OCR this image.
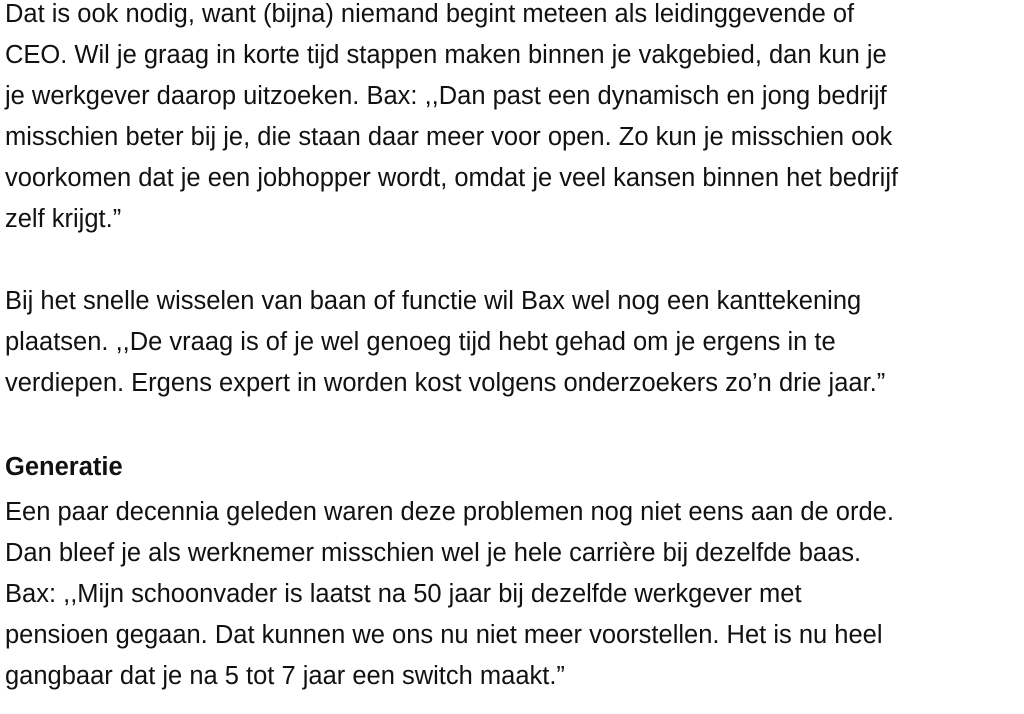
Dat is ook nodig, want (bijna) niemand begint meteen als leidinggevende of
CEO. Wil je graag in korte tijd stappen maken binnen je vakgebied, dan kun je
je werkgever daarop uitzoeken. Bax: ,,Dan past een dynamisch en jong bedrijf
misschien beter bij je, die staan daar meer voor open. Zo kun je misschien ook
voorkomen dat je een jobhopper wordt, omdat je veel kansen binnen het bedrijf
zelf krijgt.”

Bij het snelle wisselen van baan of functie wil Bax wel nog een kanttekening
plaatsen. ,,De vraag is of je wel genoeg tijd hebt gehad om je ergens in te
verdiepen. Ergens expert in worden kost volgens onderzoekers zo’n drie jaar.”

Generatie

Een paar decennia geleden waren deze problemen nog niet eens aan de orde.
Dan bleef je als werknemer misschien wel je hele carrière bij dezelfde baas.
Bax: ,,Mijn schoonvader is laatst na 50 jaar bij dezelfde werkgever met
pensioen gegaan. Dat kunnen we ons nu niet meer voorstellen. Het is nu heel
gangbaar dat je na 5 tot 7 jaar een switch maakt.”
